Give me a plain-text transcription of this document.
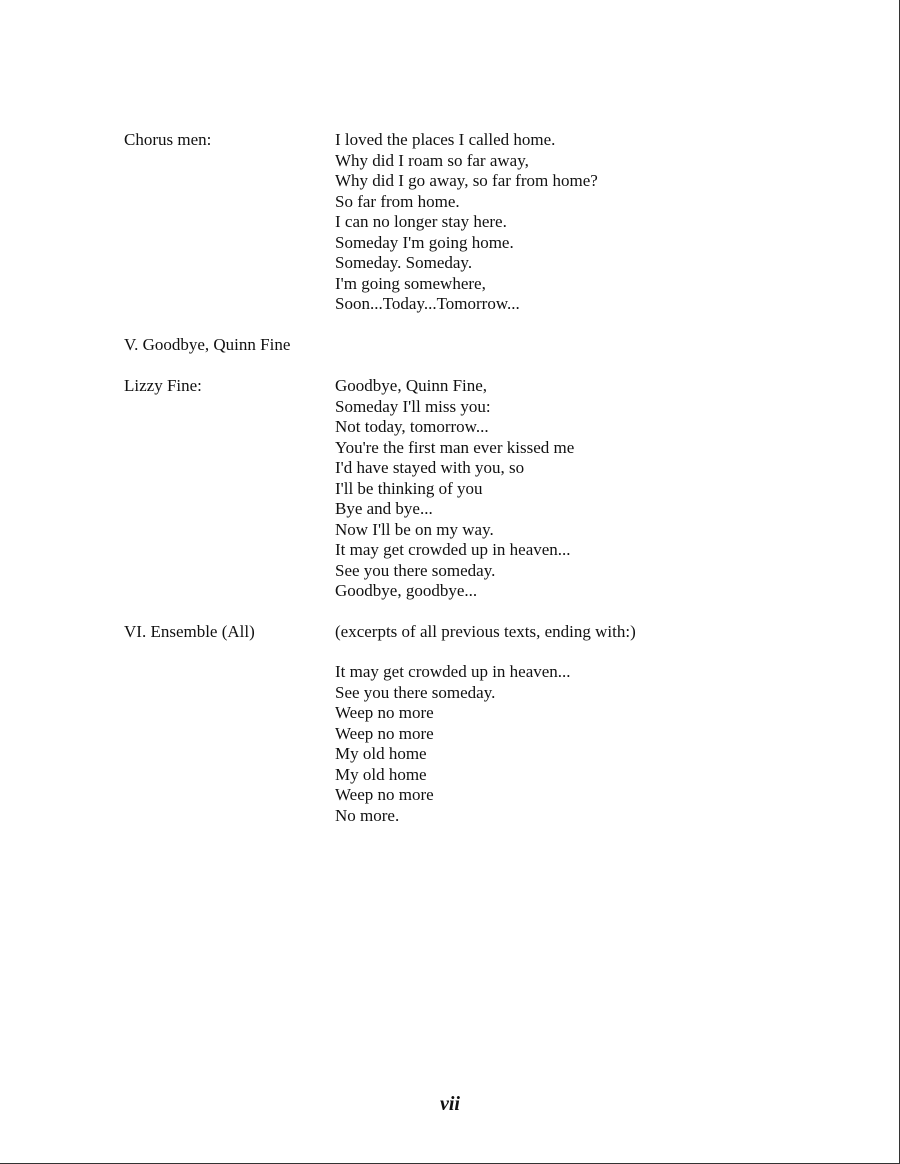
Chorus men:	I loved the places I called home.
Why did I roam so far away,
Why did I go away, so far from home?
So far from home.
I can no longer stay here.
Someday I'm going home.
Someday. Someday.
I'm going somewhere,
Soon...Today...Tomorrow...
V. Goodbye, Quinn Fine
Lizzy Fine:	Goodbye, Quinn Fine,
Someday I'll miss you:
Not today, tomorrow...
You're the first man ever kissed me
I'd have stayed with you, so
I'll be thinking of you
Bye and bye...
Now I'll be on my way.
It may get crowded up in heaven...
See you there someday.
Goodbye, goodbye...
VI. Ensemble (All)	(excerpts of all previous texts, ending with:)
It may get crowded up in heaven...
See you there someday.
Weep no more
Weep no more
My old home
My old home
Weep no more
No more.
vii
